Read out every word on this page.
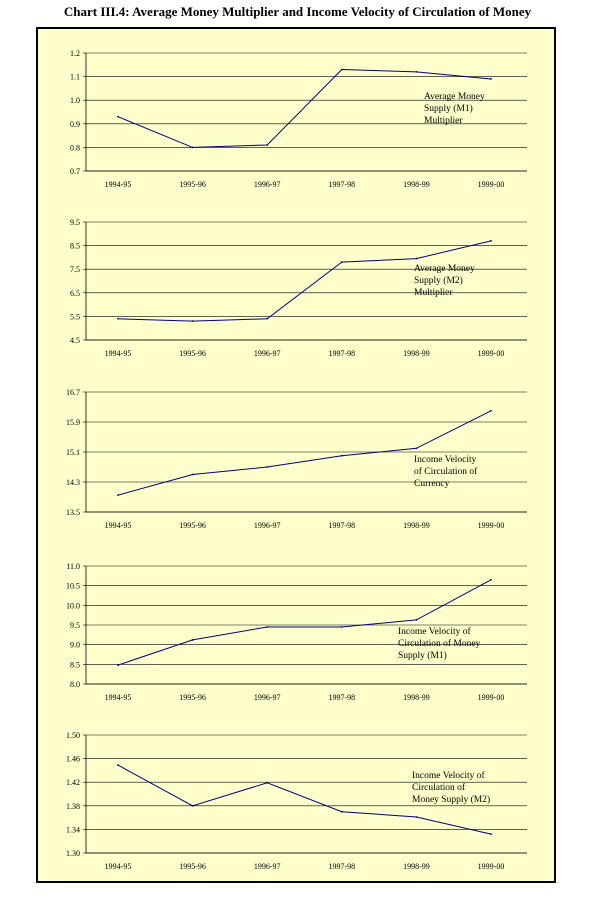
Chart III.4: Average Money Multiplier and Income Velocity of Circulation of Money
0.7
0.8
0.9
1.0
1.1
1.2
1994-95	1995-96	1996-97	1997-98	1998-99	1999-00
Average Money
Supply (M1)
Multiplier
4.5
5.5
6.5
7.5
8.5
9.5
1994-95	1995-96	1996-97	1997-98	1998-99	1999-00
Average Money
Supply (M2)
Multiplier
13.5
14.3
15.1
15.9
16.7
1994-95	1995-96	1996-97	1997-98	1998-99	1999-00
Income Velocity
of Circulation of
Currency
8.0
8.5
9.0
9.5
10.0
10.5
11.0
1994-95	1995-96	1996-97	1997-98	1998-99	1999-00
Income Velocity of
Circulation of Money
Supply (M1)
1.30
1.34
1.38
1.42
1.46
1.50
1994-95	1995-96	1996-97	1997-98	1998-99	1999-00
Income Velocity of
Circulation of
Money Supply (M2)
